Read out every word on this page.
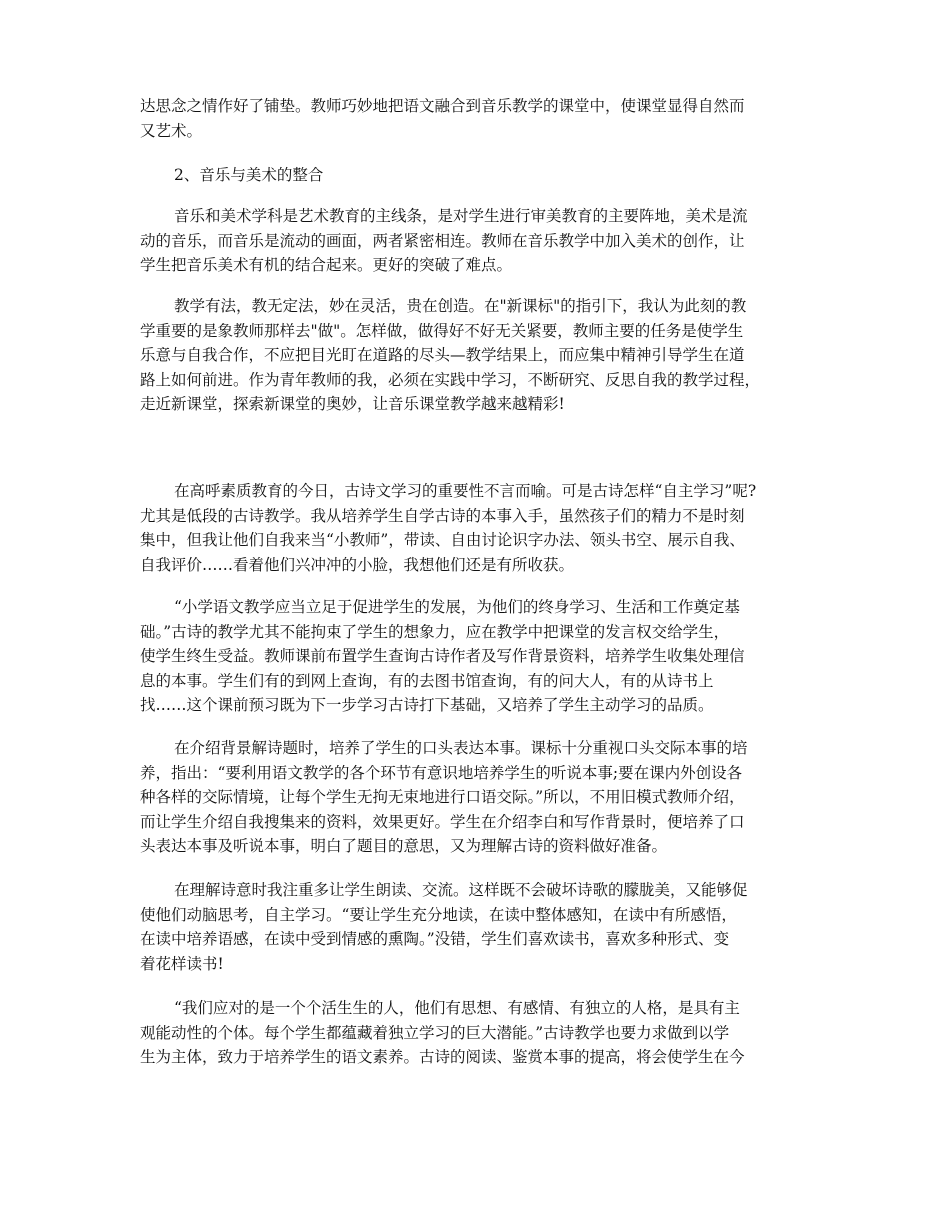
达思念之情作好了铺垫。教师巧妙地把语文融合到音乐教学的课堂中，使课堂显得自然而
又艺术。
2、音乐与美术的整合
音乐和美术学科是艺术教育的主线条，是对学生进行审美教育的主要阵地，美术是流
动的音乐，而音乐是流动的画面，两者紧密相连。教师在音乐教学中加入美术的创作，让
学生把音乐美术有机的结合起来。更好的突破了难点。
教学有法，教无定法，妙在灵活，贵在创造。在"新课标"的指引下，我认为此刻的教
学重要的是象教师那样去"做"。怎样做，做得好不好无关紧要，教师主要的任务是使学生
乐意与自我合作，不应把目光盯在道路的尽头—教学结果上，而应集中精神引导学生在道
路上如何前进。作为青年教师的我，必须在实践中学习，不断研究、反思自我的教学过程，
走近新课堂，探索新课堂的奥妙，让音乐课堂教学越来越精彩!
在高呼素质教育的今日，古诗文学习的重要性不言而喻。可是古诗怎样“自主学习”呢?
尤其是低段的古诗教学。我从培养学生自学古诗的本事入手，虽然孩子们的精力不是时刻
集中，但我让他们自我来当“小教师”，带读、自由讨论识字办法、领头书空、展示自我、
自我评价……看着他们兴冲冲的小脸，我想他们还是有所收获。
“小学语文教学应当立足于促进学生的发展，为他们的终身学习、生活和工作奠定基
础。”古诗的教学尤其不能拘束了学生的想象力，应在教学中把课堂的发言权交给学生，
使学生终生受益。教师课前布置学生查询古诗作者及写作背景资料，培养学生收集处理信
息的本事。学生们有的到网上查询，有的去图书馆查询，有的问大人，有的从诗书上
找……这个课前预习既为下一步学习古诗打下基础，又培养了学生主动学习的品质。
在介绍背景解诗题时，培养了学生的口头表达本事。课标十分重视口头交际本事的培
养，指出：“要利用语文教学的各个环节有意识地培养学生的听说本事;要在课内外创设各
种各样的交际情境，让每个学生无拘无束地进行口语交际。”所以，不用旧模式教师介绍，
而让学生介绍自我搜集来的资料，效果更好。学生在介绍李白和写作背景时，便培养了口
头表达本事及听说本事，明白了题目的意思，又为理解古诗的资料做好准备。
在理解诗意时我注重多让学生朗读、交流。这样既不会破坏诗歌的朦胧美，又能够促
使他们动脑思考，自主学习。“要让学生充分地读，在读中整体感知，在读中有所感悟，
在读中培养语感，在读中受到情感的熏陶。”没错，学生们喜欢读书，喜欢多种形式、变
着花样读书!
“我们应对的是一个个活生生的人，他们有思想、有感情、有独立的人格，是具有主
观能动性的个体。每个学生都蕴藏着独立学习的巨大潜能。”古诗教学也要力求做到以学
生为主体，致力于培养学生的语文素养。古诗的阅读、鉴赏本事的提高，将会使学生在今
